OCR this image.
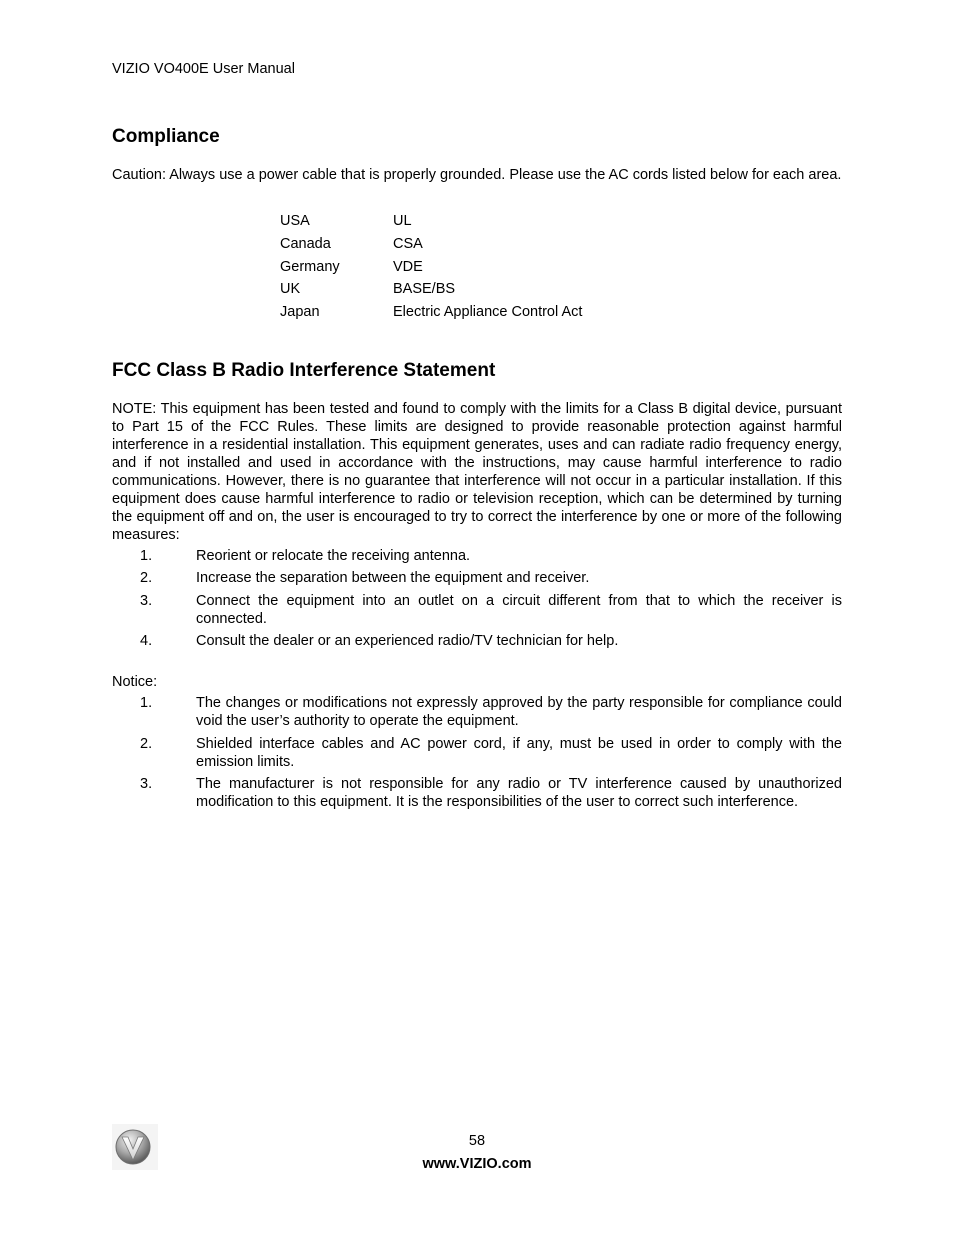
VIZIO VO400E User Manual
Compliance

Caution: Always use a power cable that is properly grounded. Please use the AC cords listed below for each area.

USA	UL
Canada	CSA
Germany	VDE
UK	BASE/BS
Japan	Electric Appliance Control Act
FCC Class B Radio Interference Statement

NOTE: This equipment has been tested and found to comply with the limits for a Class B digital device, pursuant to Part 15 of the FCC Rules. These limits are designed to provide reasonable protection against harmful interference in a residential installation. This equipment generates, uses and can radiate radio frequency energy, and if not installed and used in accordance with the instructions, may cause harmful interference to radio communications. However, there is no guarantee that interference will not occur in a particular installation. If this equipment does cause harmful interference to radio or television reception, which can be determined by turning the equipment off and on, the user is encouraged to try to correct the interference by one or more of the following measures:

1.	Reorient or relocate the receiving antenna.
2.	Increase the separation between the equipment and receiver.
3.	Connect the equipment into an outlet on a circuit different from that to which the receiver is connected.
4.	Consult the dealer or an experienced radio/TV technician for help.

Notice:

1.	The changes or modifications not expressly approved by the party responsible for compliance could void the user’s authority to operate the equipment.
2.	Shielded interface cables and AC power cord, if any, must be used in order to comply with the emission limits.
3.	The manufacturer is not responsible for any radio or TV interference caused by unauthorized modification to this equipment. It is the responsibilities of the user to correct such interference.
58
www.VIZIO.com
